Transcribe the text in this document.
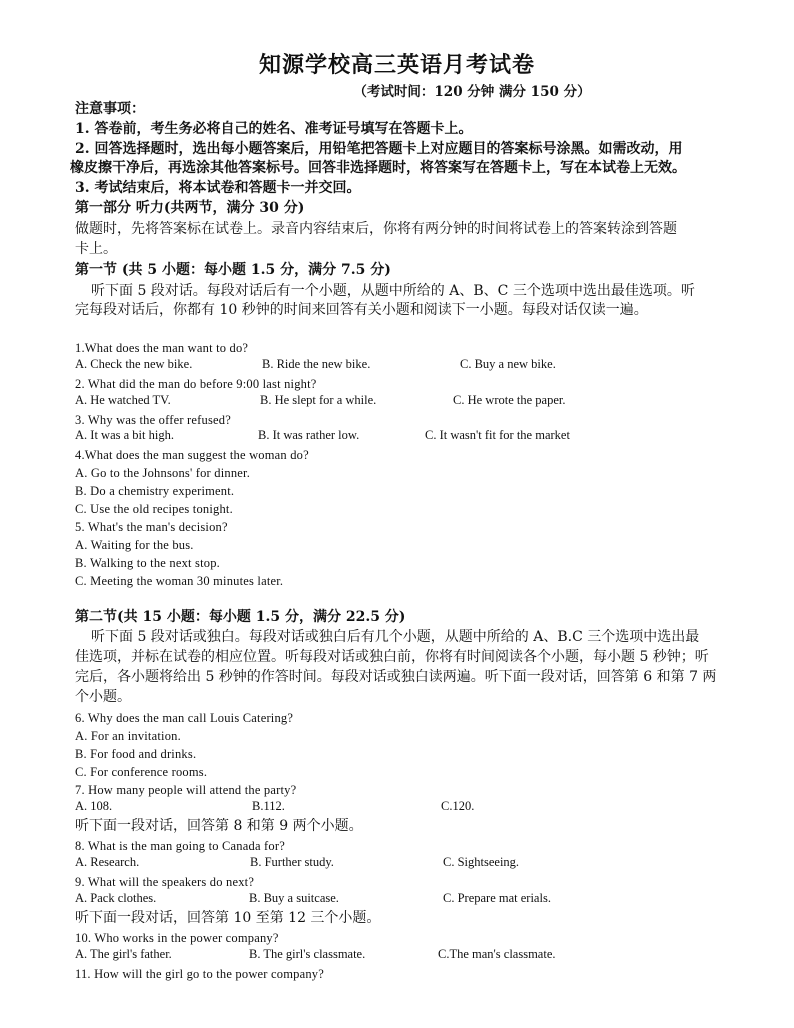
知源学校高三英语月考试卷
（考试时间：120 分钟 满分 150 分）
注意事项：
1. 答卷前，考生务必将自己的姓名、准考证号填写在答题卡上。
2. 回答选择题时，选出每小题答案后，用铅笔把答题卡上对应题目的答案标号涂黑。如需改动，用
橡皮擦干净后，再选涂其他答案标号。回答非选择题时，将答案写在答题卡上，写在本试卷上无效。
3. 考试结束后，将本试卷和答题卡一并交回。
第一部分 听力(共两节，满分 30 分)
做题时，先将答案标在试卷上。录音内容结束后，你将有两分钟的时间将试卷上的答案转涂到答题
卡上。
第一节 (共 5 小题：每小题 1.5 分，满分 7.5 分)
听下面 5 段对话。每段对话后有一个小题，从题中所给的 A、B、C 三个选项中选出最佳选项。听
完每段对话后，你都有 10 秒钟的时间来回答有关小题和阅读下一小题。每段对话仅读一遍。
1.What does the man want to do?
A. Check the new bike.	B. Ride the new bike.	C. Buy a new bike.
2. What did the man do before 9:00 last night?
A. He watched TV.	B. He slept for a while.	C. He wrote the paper.
3. Why was the offer refused?
A. It was a bit high.	B. It was rather low.	C. It wasn't fit for the market
4.What does the man suggest the woman do?
A. Go to the Johnsons' for dinner.
B. Do a chemistry experiment.
C. Use the old recipes tonight.
5. What's the man's decision?
A. Waiting for the bus.
B. Walking to the next stop.
C. Meeting the woman 30 minutes later.
第二节(共 15 小题：每小题 1.5 分，满分 22.5 分)
听下面 5 段对话或独白。每段对话或独白后有几个小题，从题中所给的 A、B.C 三个选项中选出最
佳选项，并标在试卷的相应位置。听每段对话或独白前，你将有时间阅读各个小题，每小题 5 秒钟；听
完后，各小题将给出 5 秒钟的作答时间。每段对话或独白读两遍。听下面一段对话，回答第 6 和第 7 两
个小题。
6. Why does the man call Louis Catering?
A. For an invitation.
B. For food and drinks.
C. For conference rooms.
7. How many people will attend the party?
A. 108.	B.112.	C.120.
听下面一段对话，回答第 8 和第 9 两个小题。
8. What is the man going to Canada for?
A. Research.	B. Further study.	C. Sightseeing.
9. What will the speakers do next?
A. Pack clothes.	B. Buy a suitcase.	C. Prepare mat erials.
听下面一段对话，回答第 10 至第 12 三个小题。
10. Who works in the power company?
A. The girl's father.	B. The girl's classmate.	C.The man's classmate.
11. How will the girl go to the power company?
